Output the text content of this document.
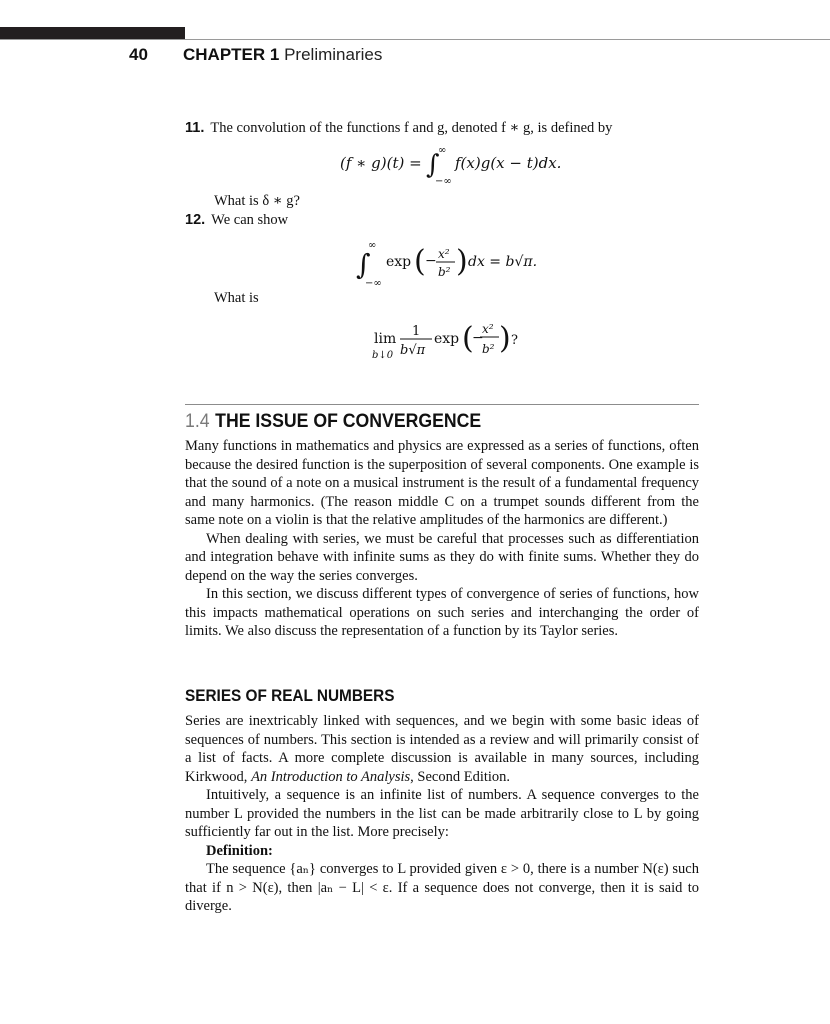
40 CHAPTER 1 Preliminaries
11. The convolution of the functions f and g, denoted f ∗ g, is defined by
(f ∗ g)(t) = ∫
∞
−∞
f(x)g(x − t)dx.
What is δ ∗ g?
12. We can show
∫
∞
−∞
exp ( − x²
b² ) dx = b√π.
What is
lim
b↓0
1
b√π
exp (
−
x²
b² ) ?
1.4 THE ISSUE OF CONVERGENCE

Many functions in mathematics and physics are expressed as a series of functions, often because the desired function is the superposition of several components. One example is that the sound of a note on a musical instrument is the result of a fundamental frequency and many harmonics. (The reason middle C on a trumpet sounds different from the same note on a violin is that the relative amplitudes of the harmonics are different.)

When dealing with series, we must be careful that processes such as differentiation and integration behave with infinite sums as they do with finite sums. Whether they do depend on the way the series converges.

In this section, we discuss different types of convergence of series of functions, how this impacts mathematical operations on such series and interchanging the order of limits. We also discuss the representation of a function by its Taylor series.

SERIES OF REAL NUMBERS

Series are inextricably linked with sequences, and we begin with some basic ideas of sequences of numbers. This section is intended as a review and will primarily consist of a list of facts. A more complete discussion is available in many sources, including Kirkwood, An Introduction to Analysis, Second Edition.

Intuitively, a sequence is an infinite list of numbers. A sequence converges to the number L provided the numbers in the list can be made arbitrarily close to L by going sufficiently far out in the list. More precisely:

Definition:

The sequence {aₙ} converges to L provided given ε > 0, there is a number N(ε) such that if n > N(ε), then |aₙ − L| < ε. If a sequence does not converge, then it is said to diverge.
